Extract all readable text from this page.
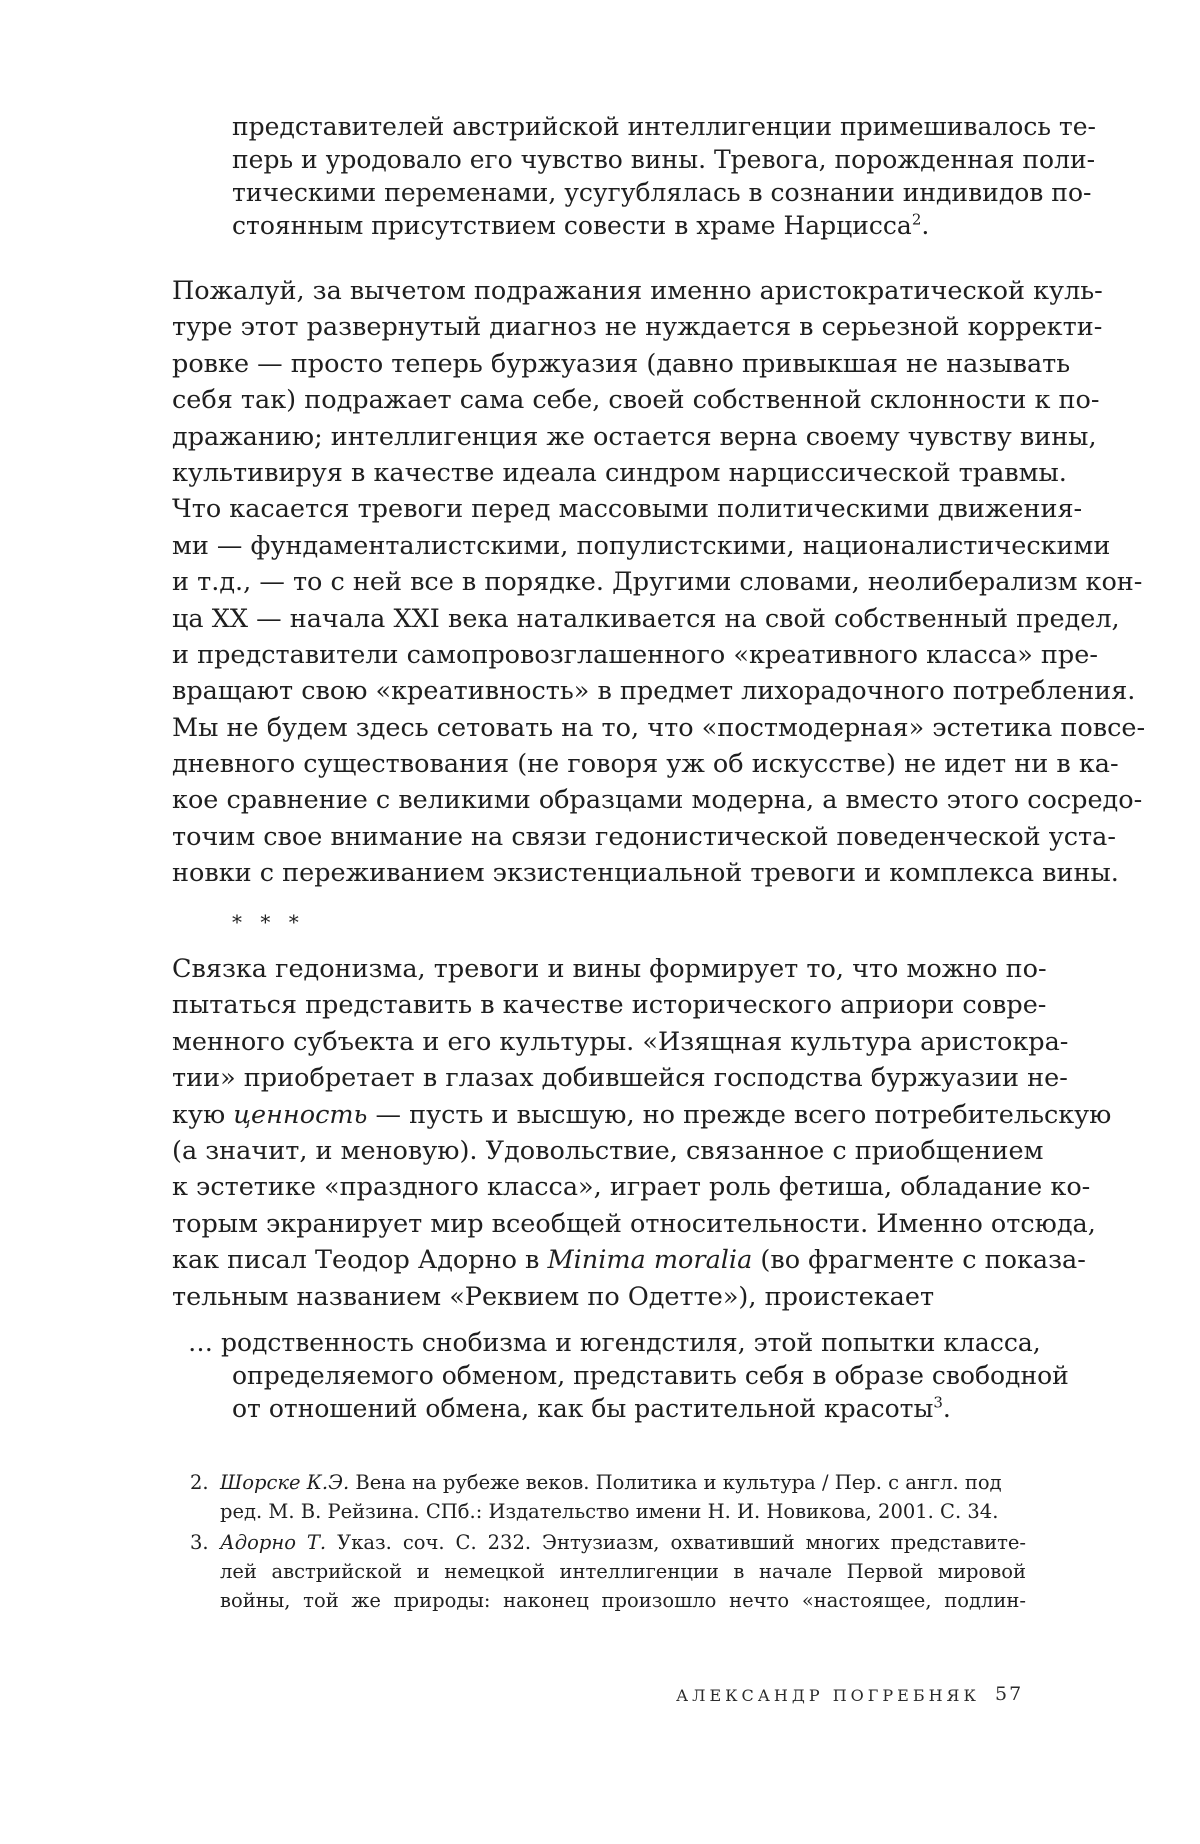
представителей австрийской интеллигенции примешивалось те-
перь и уродовало его чувство вины. Тревога, порожденная поли-
тическими переменами, усугублялась в сознании индивидов по-
стоянным присутствием совести в храме Нарцисса$^2$.
Пожалуй, за вычетом подражания именно аристократической куль-
туре этот развернутый диагноз не нуждается в серьезной корректи-
ровке — просто теперь буржуазия (давно привыкшая не называть
себя так) подражает сама себе, своей собственной склонности к по-
дражанию; интеллигенция же остается верна своему чувству вины,
культивируя в качестве идеала синдром нарциссической травмы.
Что касается тревоги перед массовыми политическими движения-
ми — фундаменталистскими, популистскими, националистическими
и т.д., — то с ней все в порядке. Другими словами, неолиберализм кон-
ца XX — начала XXI века наталкивается на свой собственный предел,
и представители самопровозглашенного «креативного класса» пре-
вращают свою «креативность» в предмет лихорадочного потребления.
Мы не будем здесь сетовать на то, что «постмодерная» эстетика повсе-
дневного существования (не говоря уж об искусстве) не идет ни в ка-
кое сравнение с великими образцами модерна, а вместо этого сосредо-
точим свое внимание на связи гедонистической поведенческой уста-
новки с переживанием экзистенциальной тревоги и комплекса вины.
* * *
Связка гедонизма, тревоги и вины формирует то, что можно по-
пытаться представить в качестве исторического априори совре-
менного субъекта и его культуры. «Изящная культура аристокра-
тии» приобретает в глазах добившейся господства буржуазии не-
кую ценность — пусть и высшую, но прежде всего потребительскую
(а значит, и меновую). Удовольствие, связанное с приобщением
к эстетике «праздного класса», играет роль фетиша, обладание ко-
торым экранирует мир всеобщей относительности. Именно отсюда,
как писал Теодор Адорно в Minima moralia (во фрагменте с показа-
тельным названием «Реквием по Одетте»), проистекает
… родственность снобизма и югендстиля, этой попытки класса,
определяемого обменом, представить себя в образе свободной
от отношений обмена, как бы растительной красоты$^3$.
2. Шорске К.Э. Вена на рубеже веков. Политика и культура / Пер. с англ. под
ред. М. В. Рейзина. СПб.: Издательство имени Н. И. Новикова, 2001. С. 34.
3. Адорно Т. Указ. соч. С. 232. Энтузиазм, охвативший многих представите-
лей австрийской и немецкой интеллигенции в начале Первой мировой
войны, той же природы: наконец произошло нечто «настоящее, подлин-
АЛЕКСАНДР ПОГРЕБНЯК 57
